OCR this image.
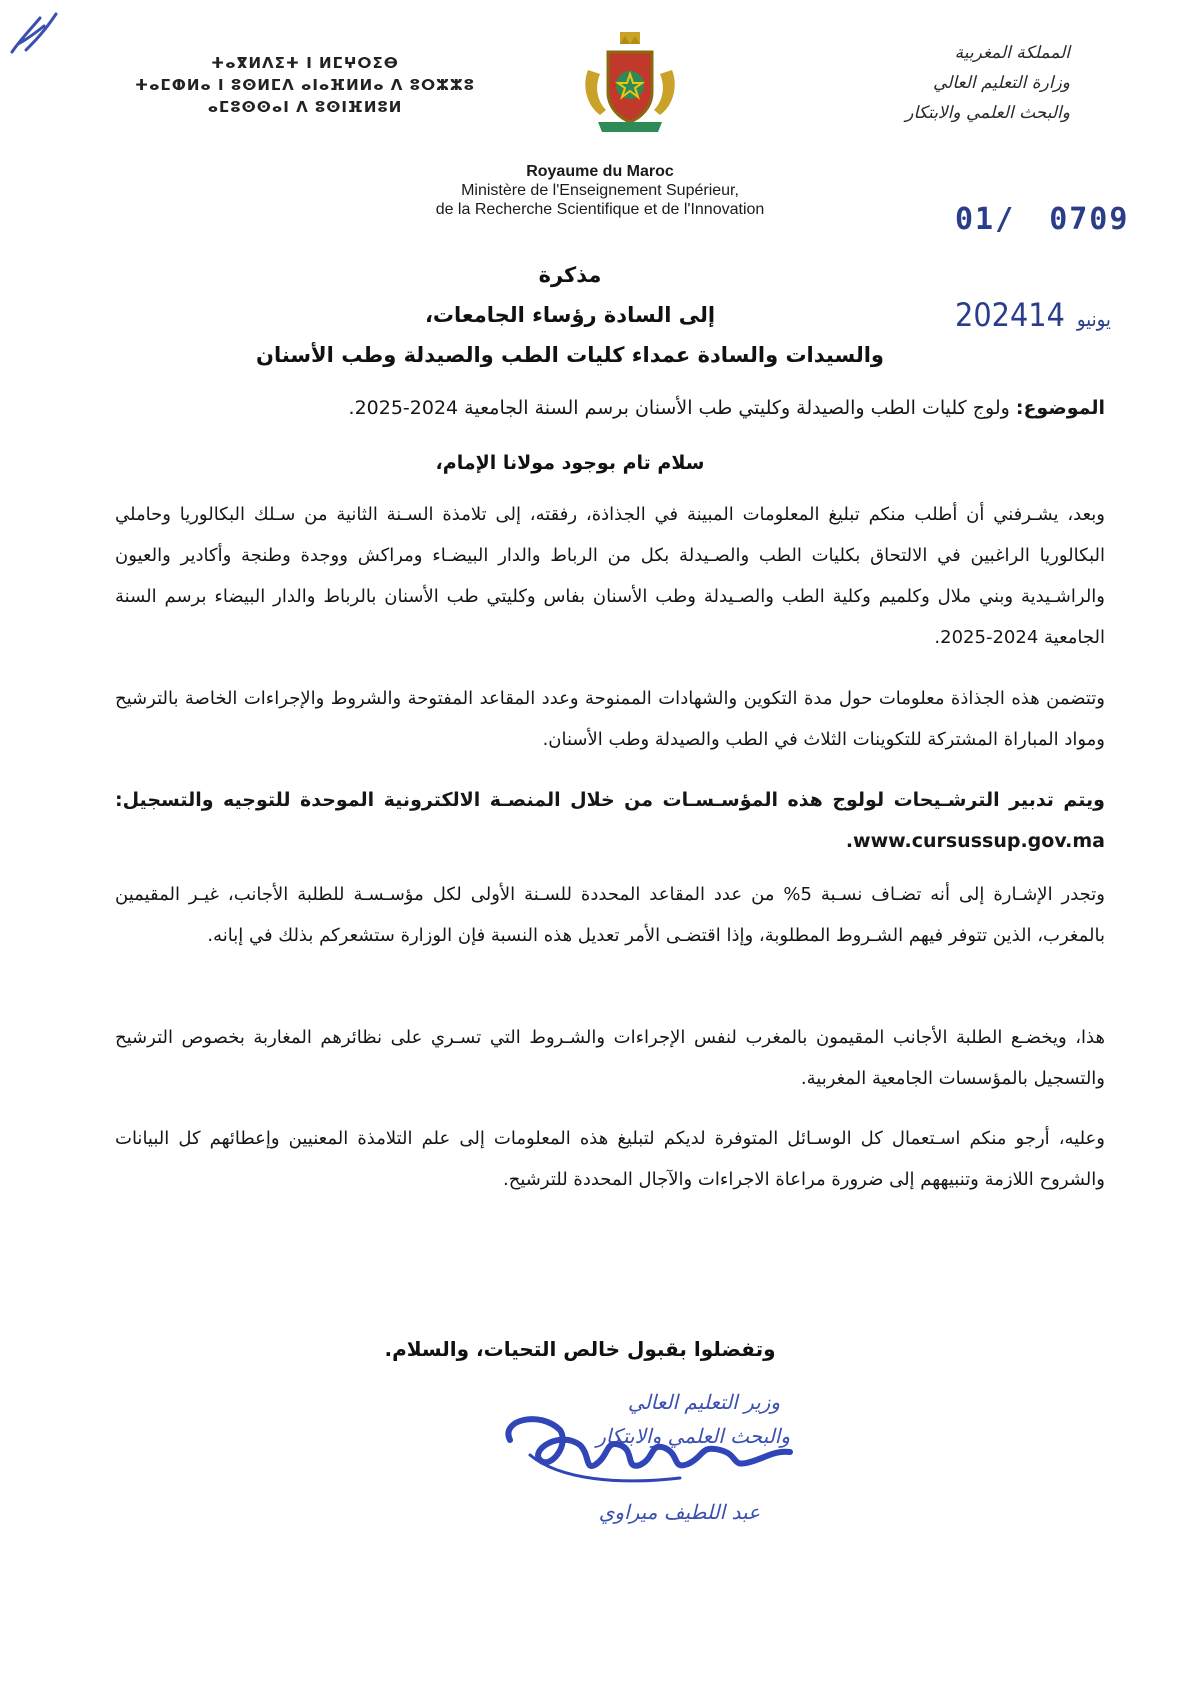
المملكة المغربية
وزارة التعليم العالي
والبحث العلمي والابتكار
ⵜⴰⴳⵍⴷⵉⵜ ⵏ ⵍⵎⵖⵔⵉⴱ
ⵜⴰⵎⵀⵍⴰ ⵏ ⵓⵙⵍⵎⴷ ⴰⵏⴰⴼⵍⵍⴰ ⴷ ⵓⵔⵣⵣⵓ
ⴰⵎⵓⵙⵙⴰⵏ ⴷ ⵓⵙⵏⴼⵍⵓⵍ
Royaume du Maroc
Ministère de l'Enseignement Supérieur,
de la Recherche Scientifique et de l'Innovation	01/ 0709
2024 يونيو14
مذكرة
إلى السادة رؤساء الجامعات،
والسيدات والسادة عمداء كليات الطب والصيدلة وطب الأسنان
الموضوع: ولوج كليات الطب والصيدلة وكليتي طب الأسنان برسم السنة الجامعية 2024-2025.
سلام تام بوجود مولانا الإمام،
وبعد، يشـرفني أن أطلب منكم تبليغ المعلومات المبينة في الجذاذة، رفقته، إلى تلامذة السـنة الثانية من سـلك البكالوريا وحاملي البكالوريا الراغبين في الالتحاق بكليات الطب والصـيدلة بكل من الرباط والدار البيضـاء ومراكش ووجدة وطنجة وأكادير والعيون والراشـيدية وبني ملال وكلميم وكلية الطب والصـيدلة وطب الأسنان بفاس وكليتي طب الأسنان بالرباط والدار البيضاء برسم السنة الجامعية 2024-2025.
وتتضمن هذه الجذاذة معلومات حول مدة التكوين والشهادات الممنوحة وعدد المقاعد المفتوحة والشروط والإجراءات الخاصة بالترشيح ومواد المباراة المشتركة للتكوينات الثلاث في الطب والصيدلة وطب الأسنان.
ويتم تدبير الترشـيحات لولوج هذه المؤسـسـات من خلال المنصـة الالكترونية الموحدة للتوجيه والتسجيل: www.cursussup.gov.ma.
وتجدر الإشـارة إلى أنه تضـاف نسـبة 5% من عدد المقاعد المحددة للسـنة الأولى لكل مؤسـسـة للطلبة الأجانب، غيـر المقيمين بالمغرب، الذين تتوفر فيهم الشـروط المطلوبة، وإذا اقتضـى الأمر تعديل هذه النسبة فإن الوزارة ستشعركم بذلك في إبانه.
هذا، ويخضـع الطلبة الأجانب المقيمون بالمغرب لنفس الإجراءات والشـروط التي تسـري على نظائرهم المغاربة بخصوص الترشيح والتسجيل بالمؤسسات الجامعية المغربية.
وعليه، أرجو منكم اسـتعمال كل الوسـائل المتوفرة لديكم لتبليغ هذه المعلومات إلى علم التلامذة المعنيين وإعطائهم كل البيانات والشروح اللازمة وتنبيههم إلى ضرورة مراعاة الاجراءات والآجال المحددة للترشيح.
وتفضلوا بقبول خالص التحيات، والسلام.
وزير التعليم العالي
والبحث العلمي والابتكار
عبد اللطيف ميراوي
